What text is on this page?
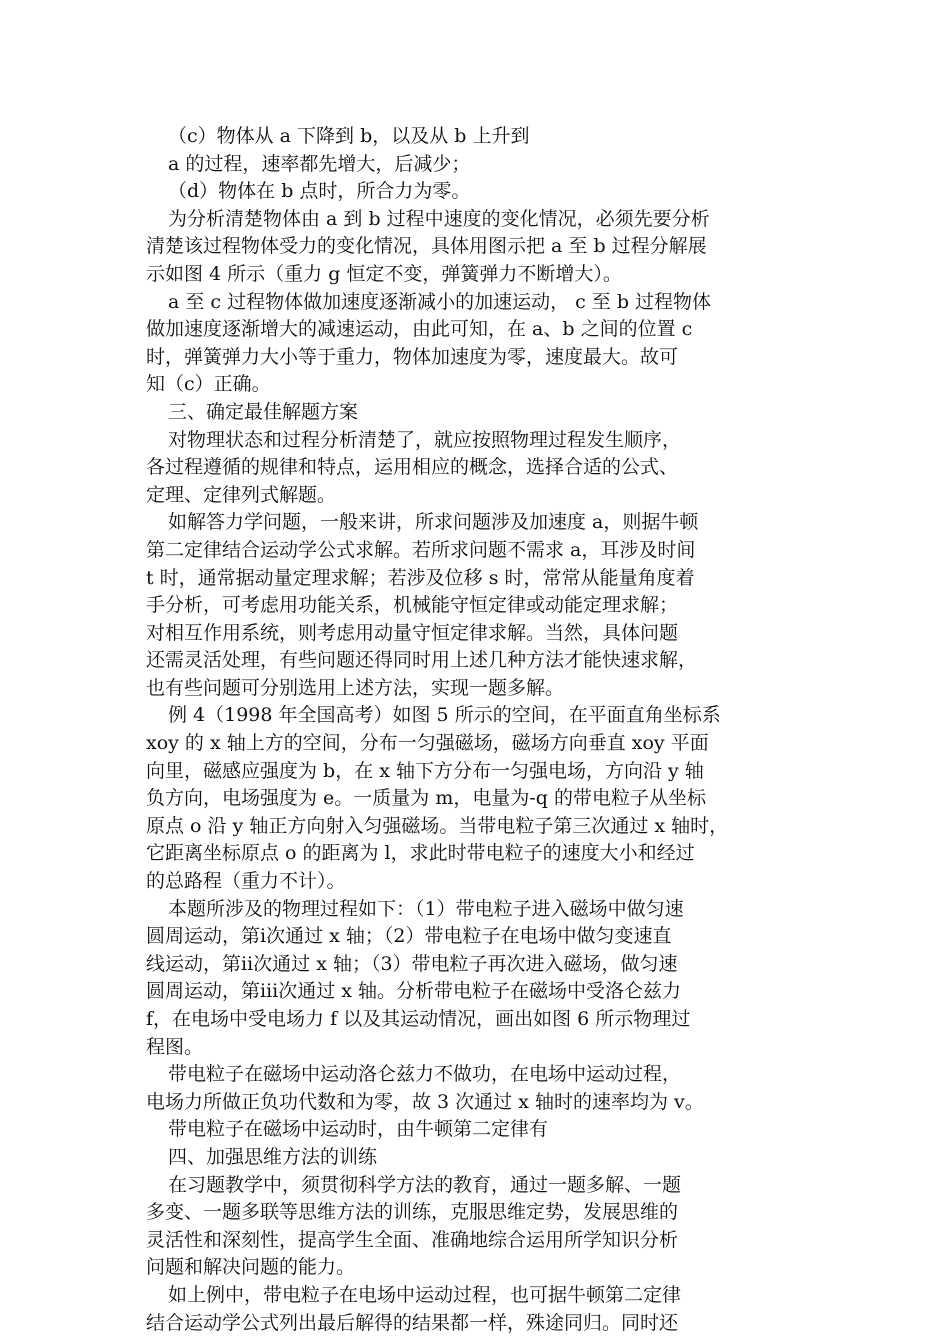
（c）物体从 a 下降到 b，以及从 b 上升到

a 的过程，速率都先增大，后减少；

（d）物体在 b 点时，所合力为零。

为分析清楚物体由 a 到 b 过程中速度的变化情况，必须先要分析

清楚该过程物体受力的变化情况，具体用图示把 a 至 b 过程分解展

示如图 4 所示（重力 g 恒定不变，弹簧弹力不断增大）。

a 至 c 过程物体做加速度逐渐减小的加速运动， c 至 b 过程物体

做加速度逐渐增大的减速运动，由此可知，在 a、b 之间的位置 c

时，弹簧弹力大小等于重力，物体加速度为零，速度最大。故可

知（c）正确。

三、确定最佳解题方案

对物理状态和过程分析清楚了，就应按照物理过程发生顺序，

各过程遵循的规律和特点，运用相应的概念，选择合适的公式、

定理、定律列式解题。

如解答力学问题，一般来讲，所求问题涉及加速度 a，则据牛顿

第二定律结合运动学公式求解。若所求问题不需求 a，耳涉及时间

t 时，通常据动量定理求解；若涉及位移 s 时，常常从能量角度着

手分析，可考虑用功能关系，机械能守恒定律或动能定理求解；

对相互作用系统，则考虑用动量守恒定律求解。当然，具体问题

还需灵活处理，有些问题还得同时用上述几种方法才能快速求解，

也有些问题可分别选用上述方法，实现一题多解。

例 4（1998 年全国高考）如图 5 所示的空间，在平面直角坐标系

xoy 的 x 轴上方的空间，分布一匀强磁场，磁场方向垂直 xoy 平面

向里，磁感应强度为 b，在 x 轴下方分布一匀强电场，方向沿 y 轴

负方向，电场强度为 e。一质量为 m，电量为-q 的带电粒子从坐标

原点 o 沿 y 轴正方向射入匀强磁场。当带电粒子第三次通过 x 轴时，

它距离坐标原点 o 的距离为 l，求此时带电粒子的速度大小和经过

的总路程（重力不计）。

本题所涉及的物理过程如下：（1）带电粒子进入磁场中做匀速

圆周运动，第ⅰ次通过 x 轴；（2）带电粒子在电场中做匀变速直

线运动，第ⅱ次通过 x 轴；（3）带电粒子再次进入磁场，做匀速

圆周运动，第ⅲ次通过 x 轴。分析带电粒子在磁场中受洛仑兹力

f，在电场中受电场力 f 以及其运动情况，画出如图 6 所示物理过

程图。

带电粒子在磁场中运动洛仑兹力不做功，在电场中运动过程，

电场力所做正负功代数和为零，故 3 次通过 x 轴时的速率均为 v。

带电粒子在磁场中运动时，由牛顿第二定律有

四、加强思维方法的训练

在习题教学中，须贯彻科学方法的教育，通过一题多解、一题

多变、一题多联等思维方法的训练，克服思维定势，发展思维的

灵活性和深刻性，提高学生全面、准确地综合运用所学知识分析

问题和解决问题的能力。

如上例中，带电粒子在电场中运动过程，也可据牛顿第二定律

结合运动学公式列出最后解得的结果都一样，殊途同归。同时还
